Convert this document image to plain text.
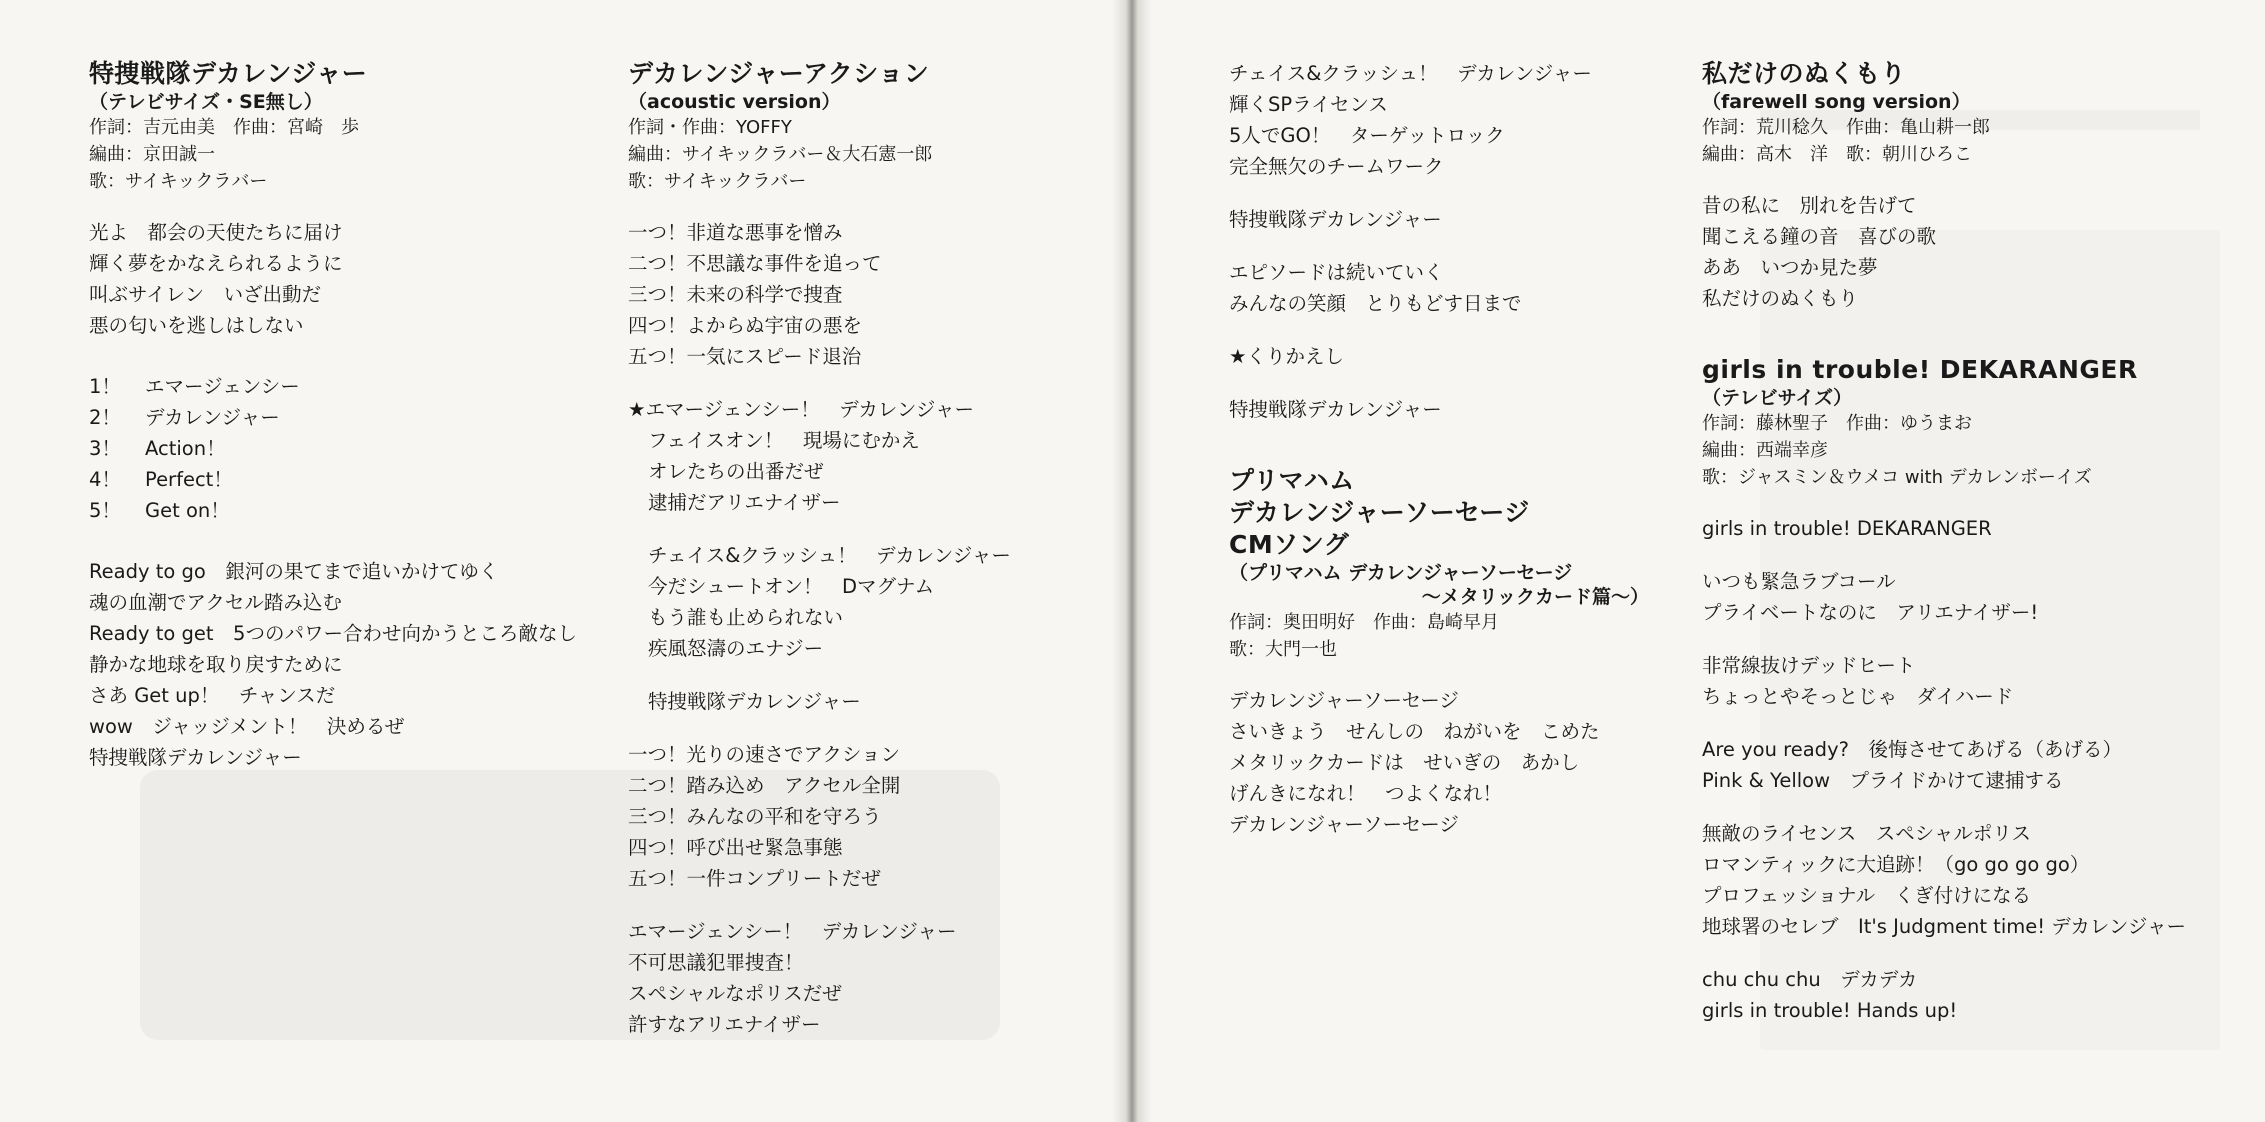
特捜戦隊デカレンジャー
（テレビサイズ・SE無し）
作詞：吉元由美　作曲：宮崎　歩
編曲：京田誠一
歌：サイキックラバー
光よ　都会の天使たちに届け
輝く夢をかなえられるように
叫ぶサイレン　いざ出動だ
悪の匂いを逃しはしない
1！ エマージェンシー
2！ デカレンジャー
3！ Action！
4！ Perfect！
5！ Get on！
Ready to go　銀河の果てまで追いかけてゆく
魂の血潮でアクセル踏み込む
Ready to get　5つのパワー合わせ向かうところ敵なし
静かな地球を取り戻すために
さあ Get up！　チャンスだ
wow　ジャッジメント！　決めるぜ
特捜戦隊デカレンジャー
デカレンジャーアクション
（acoustic version）
作詞・作曲：YOFFY
編曲：サイキックラバー＆大石憲一郎
歌：サイキックラバー
一つ！非道な悪事を憎み
二つ！不思議な事件を追って
三つ！未来の科学で捜査
四つ！よからぬ宇宙の悪を
五つ！一気にスピード退治
★エマージェンシー！　デカレンジャー
フェイスオン！　現場にむかえ
オレたちの出番だぜ
逮捕だアリエナイザー
チェイス&クラッシュ！　デカレンジャー
今だシュートオン！　Dマグナム
もう誰も止められない
疾風怒濤のエナジー
特捜戦隊デカレンジャー
一つ！光りの速さでアクション
二つ！踏み込め　アクセル全開
三つ！みんなの平和を守ろう
四つ！呼び出せ緊急事態
五つ！一件コンプリートだぜ
エマージェンシー！　デカレンジャー
不可思議犯罪捜査！
スペシャルなポリスだぜ
許すなアリエナイザー
チェイス&クラッシュ！　デカレンジャー
輝くSPライセンス
5人でGO！　ターゲットロック
完全無欠のチームワーク
特捜戦隊デカレンジャー
エピソードは続いていく
みんなの笑顔　とりもどす日まで
★くりかえし
特捜戦隊デカレンジャー
プリマハム
デカレンジャーソーセージ
CMソング
（プリマハム デカレンジャーソーセージ
～メタリックカード篇～）
作詞：奥田明好　作曲：島崎早月
歌：大門一也
デカレンジャーソーセージ
さいきょう　せんしの　ねがいを　こめた
メタリックカードは　せいぎの　あかし
げんきになれ！　つよくなれ！
デカレンジャーソーセージ
私だけのぬくもり
（farewell song version）
作詞：荒川稔久　作曲：亀山耕一郎
編曲：高木　洋　歌：朝川ひろこ
昔の私に　別れを告げて
聞こえる鐘の音　喜びの歌
ああ　いつか見た夢
私だけのぬくもり
girls in trouble! DEKARANGER
（テレビサイズ）
作詞：藤林聖子　作曲：ゆうまお
編曲：西端幸彦
歌：ジャスミン＆ウメコ with デカレンボーイズ
girls in trouble! DEKARANGER
いつも緊急ラブコール
プライベートなのに　アリエナイザー!
非常線抜けデッドヒート
ちょっとやそっとじゃ　ダイハード
Are you ready?　後悔させてあげる（あげる）
Pink & Yellow　プライドかけて逮捕する
無敵のライセンス　スペシャルポリス
ロマンティックに大追跡！（go go go go）
プロフェッショナル　くぎ付けになる
地球署のセレブ　It's Judgment time! デカレンジャー
chu chu chu　デカデカ
girls in trouble! Hands up!
